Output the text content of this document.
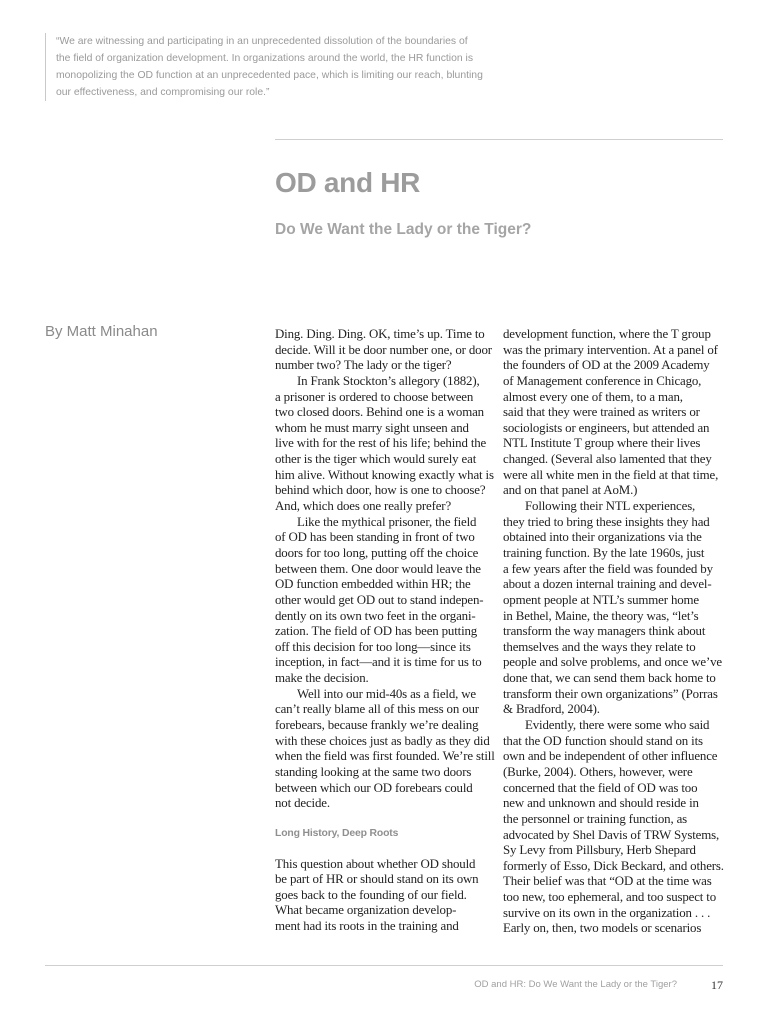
“We are witnessing and participating in an unprecedented dissolution of the boundaries of

the field of organization development. In organizations around the world, the HR function is

monopolizing the OD function at an unprecedented pace, which is limiting our reach, blunting

our effectiveness, and compromising our role.”

OD and HR
Do We Want the Lady or the Tiger?
By Matt Minahan	Ding. Ding. Ding. OK, time’s up. Time to
decide. Will it be door number one, or door
number two? The lady or the tiger?
In Frank Stockton’s allegory (1882),
a prisoner is ordered to choose between
two closed doors. Behind one is a woman
whom he must marry sight unseen and
live with for the rest of his life; behind the
other is the tiger which would surely eat
him alive. Without knowing exactly what is
behind which door, how is one to choose?
And, which does one really prefer?
Like the mythical prisoner, the field
of OD has been standing in front of two
doors for too long, putting off the choice
between them. One door would leave the
OD function embedded within HR; the
other would get OD out to stand indepen-
dently on its own two feet in the organi-
zation. The field of OD has been putting
off this decision for too long—since its
inception, in fact—and it is time for us to
make the decision.
Well into our mid-40s as a field, we
can’t really blame all of this mess on our
forebears, because frankly we’re dealing
with these choices just as badly as they did
when the field was first founded. We’re still
standing looking at the same two doors
between which our OD forebears could
not decide.
Long History, Deep Roots
This question about whether OD should
be part of HR or should stand on its own
goes back to the founding of our field.
What became organization develop-
ment had its roots in the training and
development function, where the T group
was the primary intervention. At a panel of
the founders of OD at the 2009 Academy
of Management conference in Chicago,
almost every one of them, to a man,
said that they were trained as writers or
sociologists or engineers, but attended an
NTL Institute T group where their lives
changed. (Several also lamented that they
were all white men in the field at that time,
and on that panel at AoM.)
Following their NTL experiences,
they tried to bring these insights they had
obtained into their organizations via the
training function. By the late 1960s, just
a few years after the field was founded by
about a dozen internal training and devel-
opment people at NTL’s summer home
in Bethel, Maine, the theory was, “let’s
transform the way managers think about
themselves and the ways they relate to
people and solve problems, and once we’ve
done that, we can send them back home to
transform their own organizations” (Porras
& Bradford, 2004).
Evidently, there were some who said
that the OD function should stand on its
own and be independent of other influence
(Burke, 2004). Others, however, were
concerned that the field of OD was too
new and unknown and should reside in
the personnel or training function, as
advocated by Shel Davis of TRW Systems,
Sy Levy from Pillsbury, Herb Shepard
formerly of Esso, Dick Beckard, and others.
Their belief was that “OD at the time was
too new, too ephemeral, and too suspect to
survive on its own in the organization . . .
Early on, then, two models or scenarios
OD and HR: Do We Want the Lady or the Tiger?	17
